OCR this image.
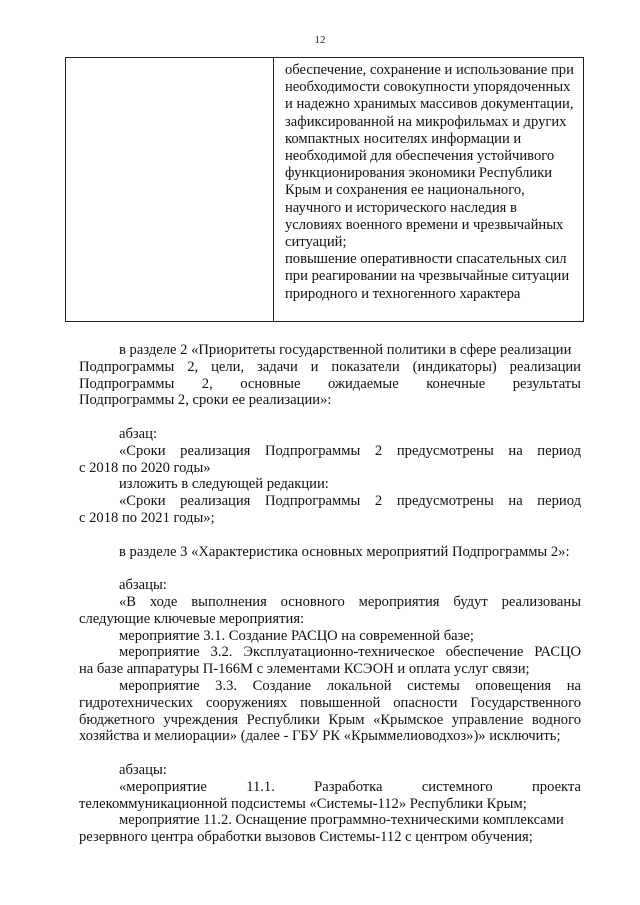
12
обеспечение, сохранение и использование при
необходимости совокупности упорядоченных
и надежно хранимых массивов документации,
зафиксированной на микрофильмах и других
компактных носителях информации и
необходимой для обеспечения устойчивого
функционирования экономики Республики
Крым и сохранения ее национального,
научного и исторического наследия в
условиях военного времени и чрезвычайных
ситуаций;
повышение оперативности спасательных сил
при реагировании на чрезвычайные ситуации
природного и техногенного характера
в разделе 2 «Приоритеты государственной политики в сфере реализации
Подпрограммы 2, цели, задачи и показатели (индикаторы) реализации
Подпрограммы 2, основные ожидаемые конечные результаты
Подпрограммы 2, сроки ее реализации»:
абзац:
«Сроки реализация Подпрограммы 2 предусмотрены на период
с 2018 по 2020 годы»
изложить в следующей редакции:
«Сроки реализация Подпрограммы 2 предусмотрены на период
с 2018 по 2021 годы»;
в разделе 3 «Характеристика основных мероприятий Подпрограммы 2»:
абзацы:
«В ходе выполнения основного мероприятия будут реализованы
следующие ключевые мероприятия:
мероприятие 3.1. Создание РАСЦО на современной базе;
мероприятие 3.2. Эксплуатационно-техническое обеспечение РАСЦО
на базе аппаратуры П-166М с элементами КСЭОН и оплата услуг связи;
мероприятие 3.3. Создание локальной системы оповещения на
гидротехнических сооружениях повышенной опасности Государственного
бюджетного учреждения Республики Крым «Крымское управление водного
хозяйства и мелиорации» (далее - ГБУ РК «Крыммелиоводхоз»)» исключить;
абзацы:
«мероприятие 11.1. Разработка системного проекта
телекоммуникационной подсистемы «Системы-112» Республики Крым;
мероприятие 11.2. Оснащение программно-техническими комплексами
резервного центра обработки вызовов Системы-112 с центром обучения;
